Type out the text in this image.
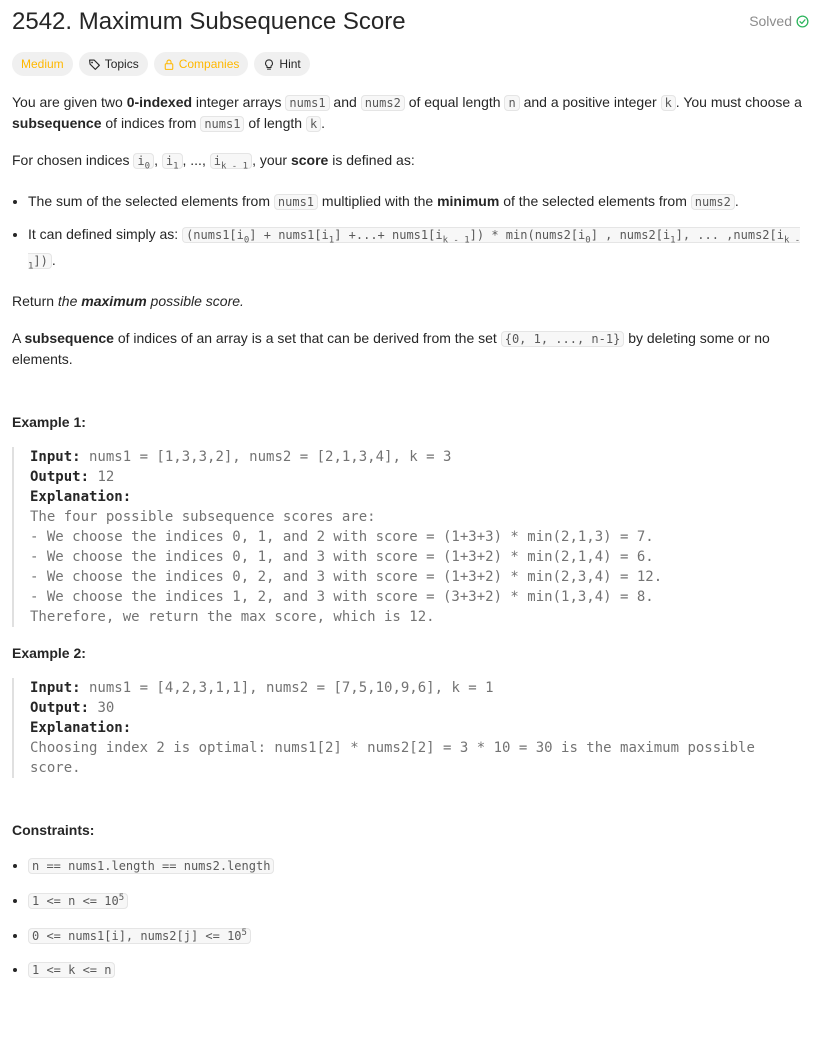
2542. Maximum Subsequence Score	Solved
Medium	Topics	Companies	Hint

You are given two 0-indexed integer arrays nums1 and nums2 of equal length n and a positive integer k . You must choose a subsequence of indices from nums1 of length k .

For chosen indices $i_0$ , $i_1$ , ..., $i_{k - 1}$ , your score is defined as:

• The sum of the selected elements from nums1 multiplied with the minimum of the selected elements from nums2 .
• It can defined simply as: ($nums1[i_0]$ + $nums1[i_1]$ +...+ $nums1[i_{k - 1}]$) * $\min(nums2[i_0]$ , $nums2[i_1]$, ... $,nums2[i_{k - 1}]$) .

Return the maximum possible score.

A subsequence of indices of an array is a set that can be derived from the set {0, 1, ..., n-1} by deleting some or no elements.

Example 1:

Input: nums1 = [1,3,3,2], nums2 = [2,1,3,4], k = 3
Output: 12
Explanation:
The four possible subsequence scores are:
- We choose the indices 0, 1, and 2 with score = (1+3+3) * min(2,1,3) = 7.
- We choose the indices 0, 1, and 3 with score = (1+3+2) * min(2,1,4) = 6.
- We choose the indices 0, 2, and 3 with score = (1+3+2) * min(2,3,4) = 12.
- We choose the indices 1, 2, and 3 with score = (3+3+2) * min(1,3,4) = 8.
Therefore, we return the max score, which is 12.

Example 2:

Input: nums1 = [4,2,3,1,1], nums2 = [7,5,10,9,6], k = 1
Output: 30
Explanation:
Choosing index 2 is optimal: nums1[2] * nums2[2] = 3 * 10 = 30 is the maximum possible score.

Constraints:

• n == nums1.length == nums2.length
• $1 <= n <= 10^5$
• 0 <= nums1[i], nums2[j] <= $10^5$
• 1 <= k <= n
